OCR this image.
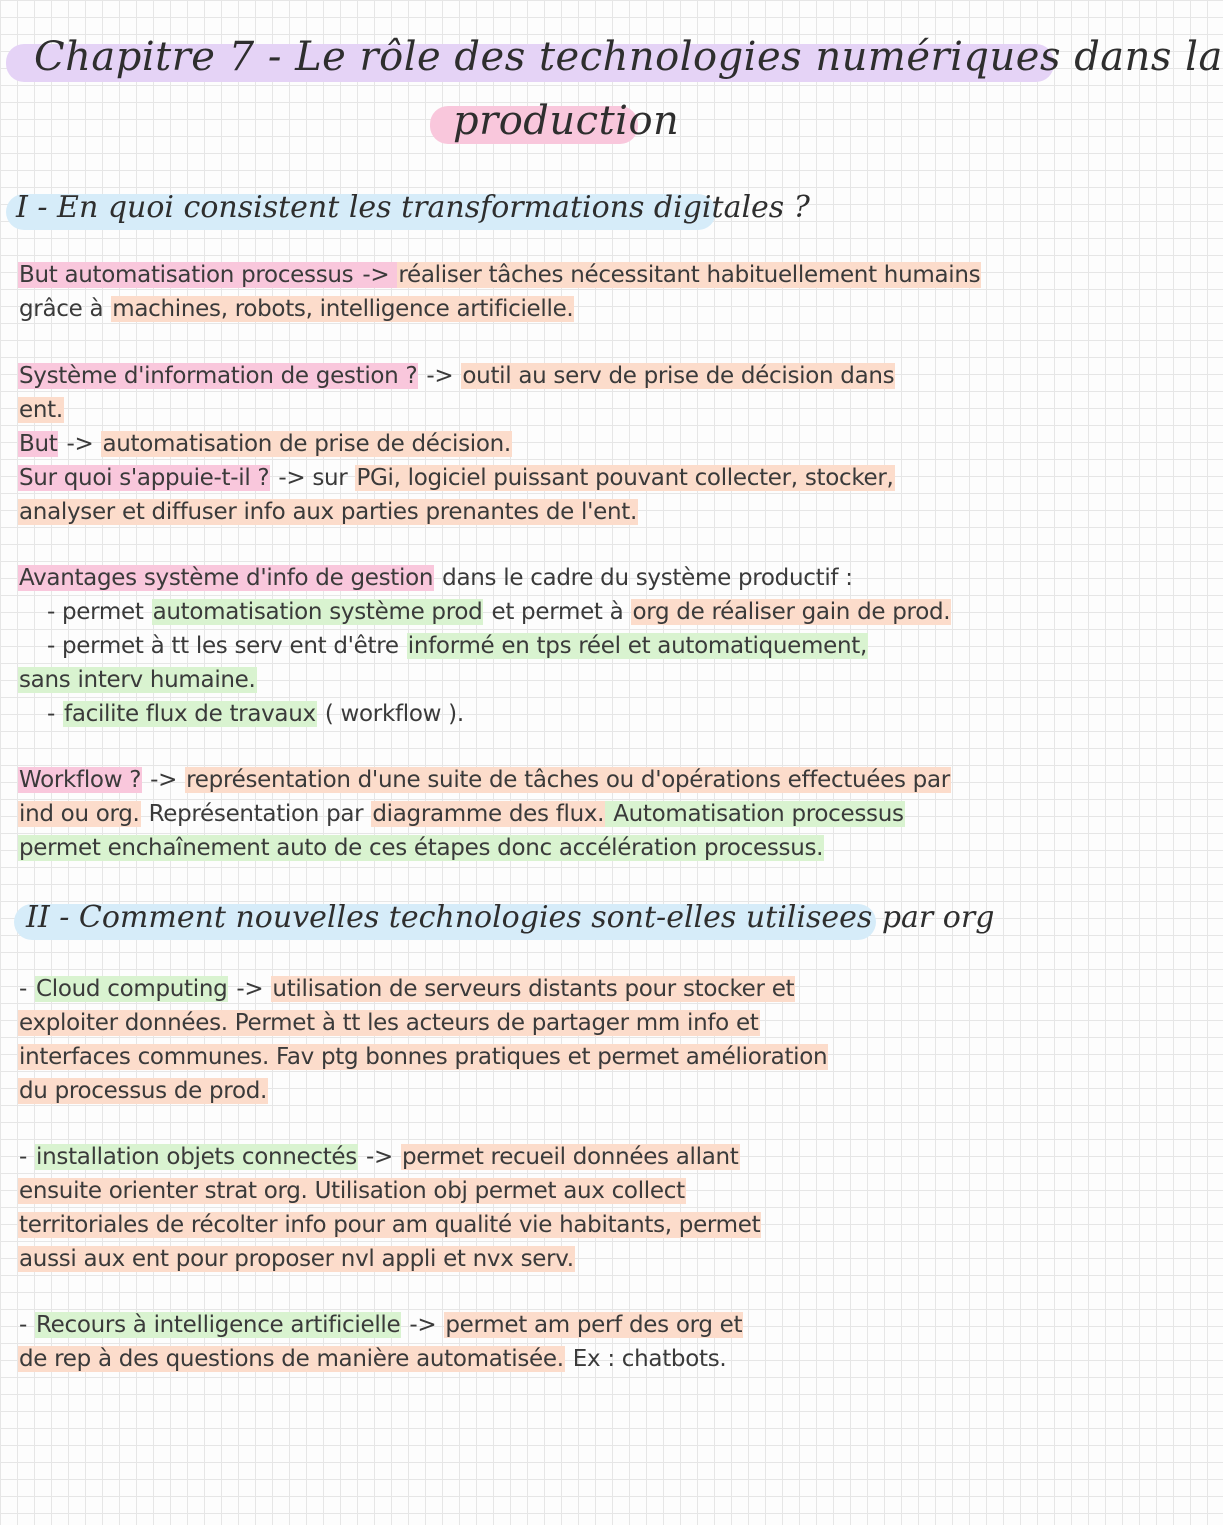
Chapitre 7 - Le rôle des technologies numériques dans la
production
I - En quoi consistent les transformations digitales ?
But automatisation processus -> réaliser tâches nécessitant habituellement humains
grâce à machines, robots, intelligence artificielle.
Système d'information de gestion ? -> outil au serv de prise de décision dans
ent.
But -> automatisation de prise de décision.
Sur quoi s'appuie-t-il ? -> sur PGi, logiciel puissant pouvant collecter, stocker,
analyser et diffuser info aux parties prenantes de l'ent.
Avantages système d'info de gestion dans le cadre du système productif :
- permet automatisation système prod et permet à org de réaliser gain de prod.
- permet à tt les serv ent d'être informé en tps réel et automatiquement,
sans interv humaine.
- facilite flux de travaux ( workflow ).
Workflow ? -> représentation d'une suite de tâches ou d'opérations effectuées par
ind ou org. Représentation par diagramme des flux. Automatisation processus
permet enchaînement auto de ces étapes donc accélération processus.
II - Comment nouvelles technologies sont-elles utilisees par org
- Cloud computing -> utilisation de serveurs distants pour stocker et
exploiter données. Permet à tt les acteurs de partager mm info et
interfaces communes. Fav ptg bonnes pratiques et permet amélioration
du processus de prod.
- installation objets connectés -> permet recueil données allant
ensuite orienter strat org. Utilisation obj permet aux collect
territoriales de récolter info pour am qualité vie habitants, permet
aussi aux ent pour proposer nvl appli et nvx serv.
- Recours à intelligence artificielle -> permet am perf des org et
de rep à des questions de manière automatisée. Ex : chatbots.
